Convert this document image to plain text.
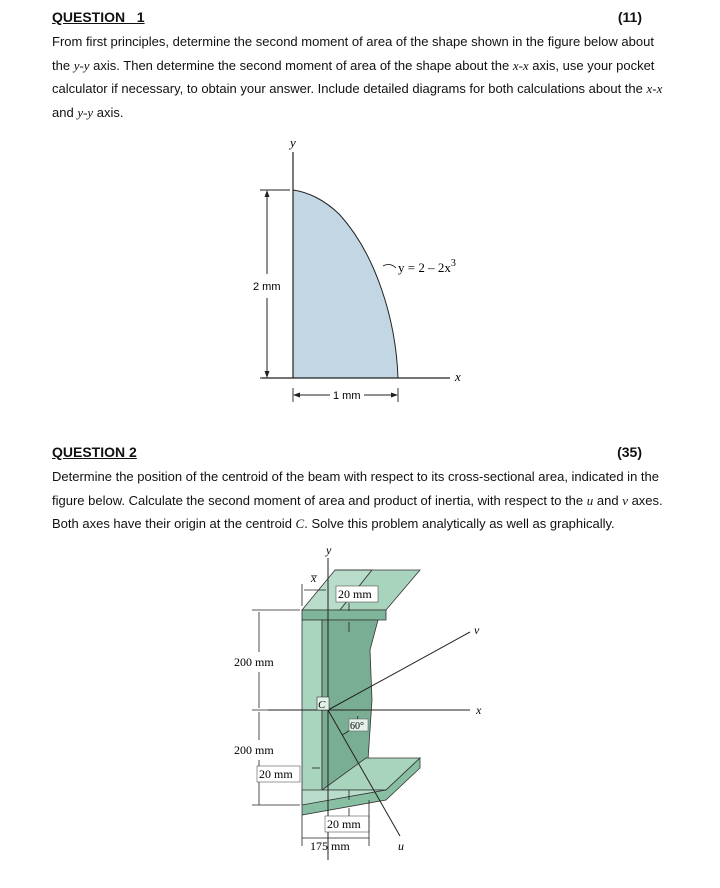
QUESTION   1	(11)
From first principles, determine the second moment of area of the shape shown in the figure below about the y-y axis. Then determine the second moment of area of the shape about the x-x axis, use your pocket calculator if necessary, to obtain your answer. Include detailed diagrams for both calculations about the x-x and y-y axis.
y
x
$y = 2 - 2x^3$
2 mm
1 mm
QUESTION 2	(35)
Determine the position of the centroid of the beam with respect to its cross-sectional area, indicated in the figure below. Calculate the second moment of area and product of inertia, with respect to the u and v axes. Both axes have their origin at the centroid C. Solve this problem analytically as well as graphically.
y
x
v
u
C
60°
x̅
20 mm
200 mm
200 mm
20 mm
20 mm
175 mm
